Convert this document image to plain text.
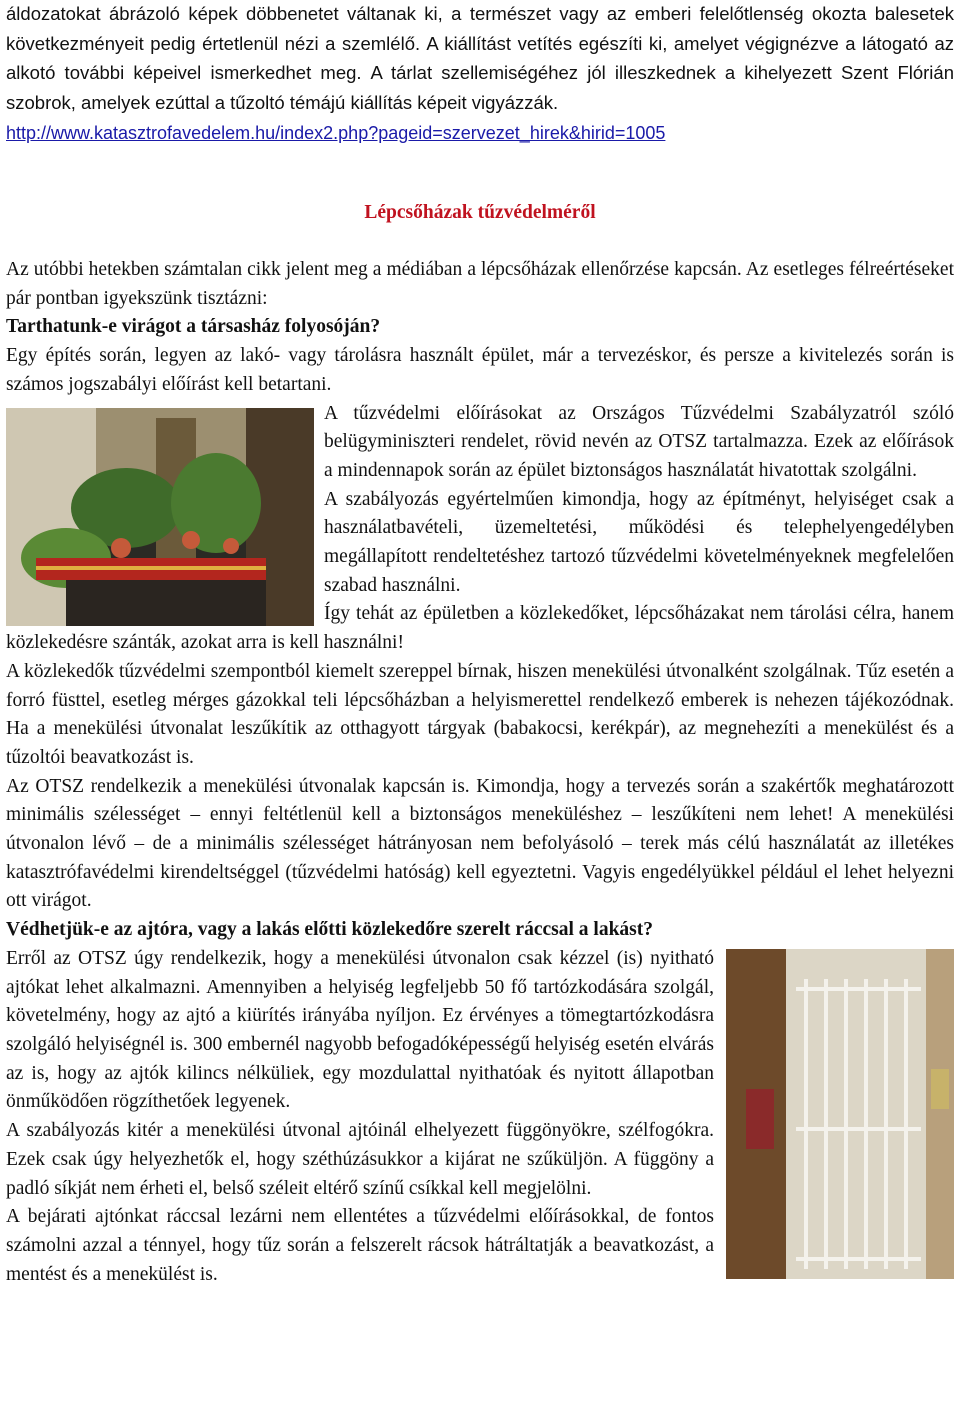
áldozatokat ábrázoló képek döbbenetet váltanak ki, a természet vagy az emberi felelőtlenség okozta balesetek következményeit pedig értetlenül nézi a szemlélő. A kiállítást vetítés egészíti ki, amelyet végignézve a látogató az alkotó további képeivel ismerkedhet meg. A tárlat szellemiségéhez jól illeszkednek a kihelyezett Szent Flórián szobrok, amelyek ezúttal a tűzoltó témájú kiállítás képeit vigyázzák.

http://www.katasztrofavedelem.hu/index2.php?pageid=szervezet_hirek&hirid=1005

Lépcsőházak tűzvédelméről

Az utóbbi hetekben számtalan cikk jelent meg a médiában a lépcsőházak ellenőrzése kapcsán. Az esetleges félreértéseket pár pontban igyekszünk tisztázni:

Tarthatunk-e virágot a társasház folyosóján?

Egy építés során, legyen az lakó- vagy tárolásra használt épület, már a tervezéskor, és persze a kivitelezés során is számos jogszabályi előírást kell betartani.

A tűzvédelmi előírásokat az Országos Tűzvédelmi Szabályzatról szóló belügyminiszteri rendelet, rövid nevén az OTSZ tartalmazza. Ezek az előírások a mindennapok során az épület biztonságos használatát hivatottak szolgálni.

A szabályozás egyértelműen kimondja, hogy az építményt, helyiséget csak a használatbavételi, üzemeltetési, működési és telephelyengedélyben megállapított rendeltetéshez tartozó tűzvédelmi követelményeknek megfelelően szabad használni.

Így tehát az épületben a közlekedőket, lépcsőházakat nem tárolási célra, hanem közlekedésre szánták, azokat arra is kell használni!

A közlekedők tűzvédelmi szempontból kiemelt szereppel bírnak, hiszen menekülési útvonalként szolgálnak. Tűz esetén a forró füsttel, esetleg mérges gázokkal teli lépcsőházban a helyismerettel rendelkező emberek is nehezen tájékozódnak. Ha a menekülési útvonalat leszűkítik az otthagyott tárgyak (babakocsi, kerékpár), az megnehezíti a menekülést és a tűzoltói beavatkozást is.

Az OTSZ rendelkezik a menekülési útvonalak kapcsán is. Kimondja, hogy a tervezés során a szakértők meghatározott minimális szélességet – ennyi feltétlenül kell a biztonságos meneküléshez – leszűkíteni nem lehet! A menekülési útvonalon lévő – de a minimális szélességet hátrányosan nem befolyásoló – terek más célú használatát az illetékes katasztrófavédelmi kirendeltséggel (tűzvédelmi hatóság) kell egyeztetni. Vagyis engedélyükkel például el lehet helyezni ott virágot.

Védhetjük-e az ajtóra, vagy a lakás előtti közlekedőre szerelt ráccsal a lakást?

Erről az OTSZ úgy rendelkezik, hogy a menekülési útvonalon csak kézzel (is) nyitható ajtókat lehet alkalmazni. Amennyiben a helyiség legfeljebb 50 fő tartózkodására szolgál, követelmény, hogy az ajtó a kiürítés irányába nyíljon. Ez érvényes a tömegtartózkodásra szolgáló helyiségnél is. 300 embernél nagyobb befogadóképességű helyiség esetén elvárás az is, hogy az ajtók kilincs nélküliek, egy mozdulattal nyithatóak és nyitott állapotban önműködően rögzíthetőek legyenek.

A szabályozás kitér a menekülési útvonal ajtóinál elhelyezett függönyökre, szélfogókra. Ezek csak úgy helyezhetők el, hogy széthúzásukkor a kijárat ne szűküljön. A függöny a padló síkját nem érheti el, belső széleit eltérő színű csíkkal kell megjelölni.

A bejárati ajtónkat ráccsal lezárni nem ellentétes a tűzvédelmi előírásokkal, de fontos számolni azzal a ténnyel, hogy tűz során a felszerelt rácsok hátráltatják a beavatkozást, a mentést és a menekülést is.
